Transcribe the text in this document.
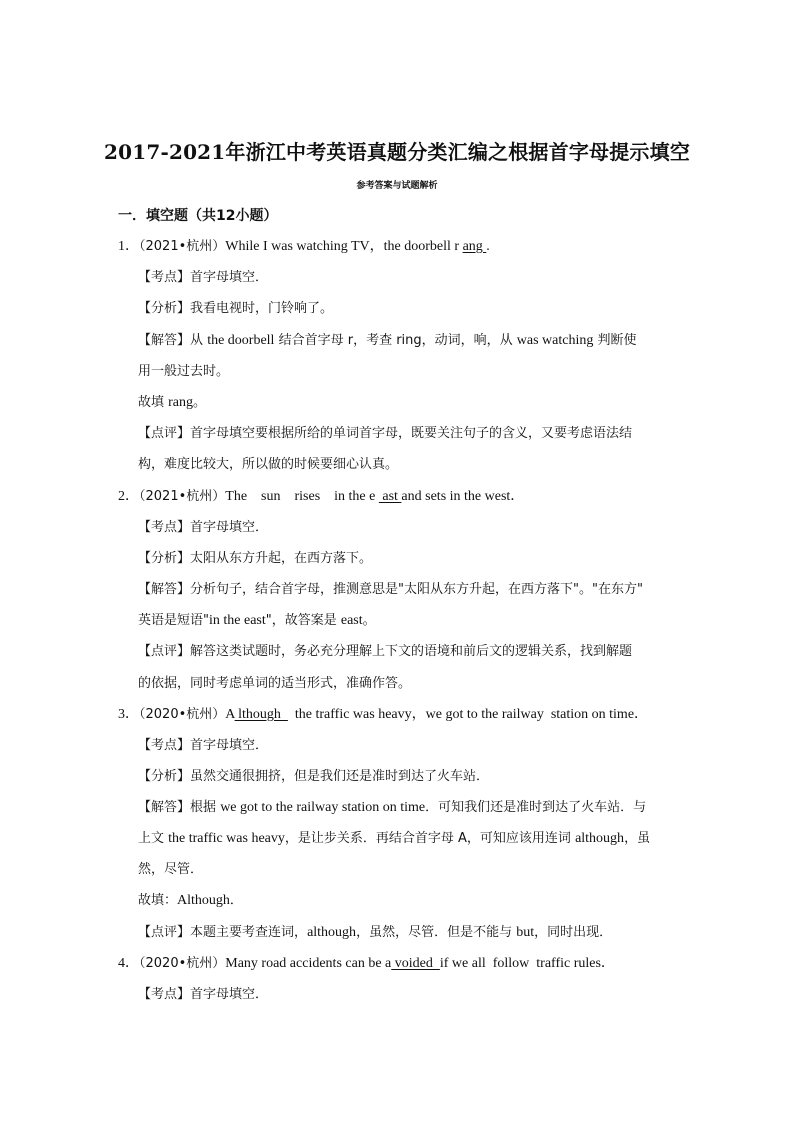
2017-2021年浙江中考英语真题分类汇编之根据首字母提示填空
参考答案与试题解析
一．填空题（共12小题）
1．（2021•杭州）While I was watching TV，the doorbell r ang .
【考点】首字母填空．
【分析】我看电视时，门铃响了。
【解答】从 the doorbell 结合首字母 r，考查 ring，动词，响，从 was watching 判断使
用一般过去时。
故填 rang。
【点评】首字母填空要根据所给的单词首字母，既要关注句子的含义，又要考虑语法结
构，难度比较大，所以做的时候要细心认真。
2．（2021•杭州）The    sun    rises    in the e  ast and sets in the west．
【考点】首字母填空．
【分析】太阳从东方升起，在西方落下。
【解答】分析句子，结合首字母，推测意思是"太阳从东方升起，在西方落下"。"在东方"
英语是短语"in the east"，故答案是 east。
【点评】解答这类试题时，务必充分理解上下文的语境和前后文的逻辑关系，找到解题
的依据，同时考虑单词的适当形式，准确作答。
3．（2020•杭州）A lthough    the traffic was heavy，we got to the railway  station on time．
【考点】首字母填空．
【分析】虽然交通很拥挤，但是我们还是准时到达了火车站．
【解答】根据 we got to the railway station on time．可知我们还是准时到达了火车站．与
上文 the traffic was heavy，是让步关系．再结合首字母 A，可知应该用连词 although，虽
然，尽管．
故填：Although．
【点评】本题主要考查连词，although，虽然，尽管．但是不能与 but，同时出现．
4．（2020•杭州）Many road accidents can be a voided  if we all  follow  traffic rules．
【考点】首字母填空．
